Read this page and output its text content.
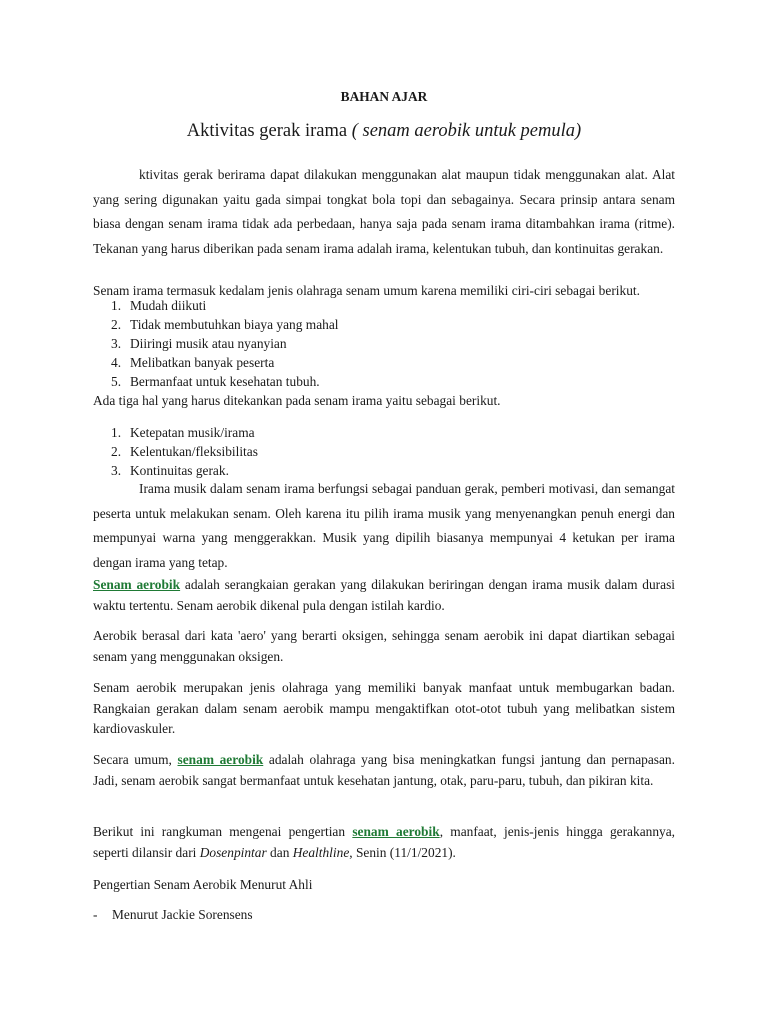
BAHAN AJAR
Aktivitas gerak irama ( senam aerobik untuk pemula)
ktivitas gerak berirama dapat dilakukan menggunakan alat maupun tidak menggunakan alat. Alat yang sering digunakan yaitu gada simpai tongkat bola topi dan sebagainya. Secara prinsip antara senam biasa dengan senam irama tidak ada perbedaan, hanya saja pada senam irama ditambahkan irama (ritme). Tekanan yang harus diberikan pada senam irama adalah irama, kelentukan tubuh, dan kontinuitas gerakan.
Senam irama termasuk kedalam jenis olahraga senam umum karena memiliki ciri-ciri sebagai berikut.
1. Mudah diikuti
2. Tidak membutuhkan biaya yang mahal
3. Diiringi musik atau nyanyian
4. Melibatkan banyak peserta
5. Bermanfaat untuk kesehatan tubuh.
Ada tiga hal yang harus ditekankan pada senam irama yaitu sebagai berikut.
1. Ketepatan musik/irama
2. Kelentukan/fleksibilitas
3. Kontinuitas gerak.
Irama musik dalam senam irama berfungsi sebagai panduan gerak, pemberi motivasi, dan semangat peserta untuk melakukan senam. Oleh karena itu pilih irama musik yang menyenangkan penuh energi dan mempunyai warna yang menggerakkan. Musik yang dipilih biasanya mempunyai 4 ketukan per irama dengan irama yang tetap.
Senam aerobik adalah serangkaian gerakan yang dilakukan beriringan dengan irama musik dalam durasi waktu tertentu. Senam aerobik dikenal pula dengan istilah kardio.
Aerobik berasal dari kata 'aero' yang berarti oksigen, sehingga senam aerobik ini dapat diartikan sebagai senam yang menggunakan oksigen.
Senam aerobik merupakan jenis olahraga yang memiliki banyak manfaat untuk membugarkan badan. Rangkaian gerakan dalam senam aerobik mampu mengaktifkan otot-otot tubuh yang melibatkan sistem kardiovaskuler.
Secara umum, senam aerobik adalah olahraga yang bisa meningkatkan fungsi jantung dan pernapasan. Jadi, senam aerobik sangat bermanfaat untuk kesehatan jantung, otak, paru-paru, tubuh, dan pikiran kita.
Berikut ini rangkuman mengenai pengertian senam aerobik, manfaat, jenis-jenis hingga gerakannya, seperti dilansir dari Dosenpintar dan Healthline, Senin (11/1/2021).
Pengertian Senam Aerobik Menurut Ahli
- Menurut Jackie Sorensens
